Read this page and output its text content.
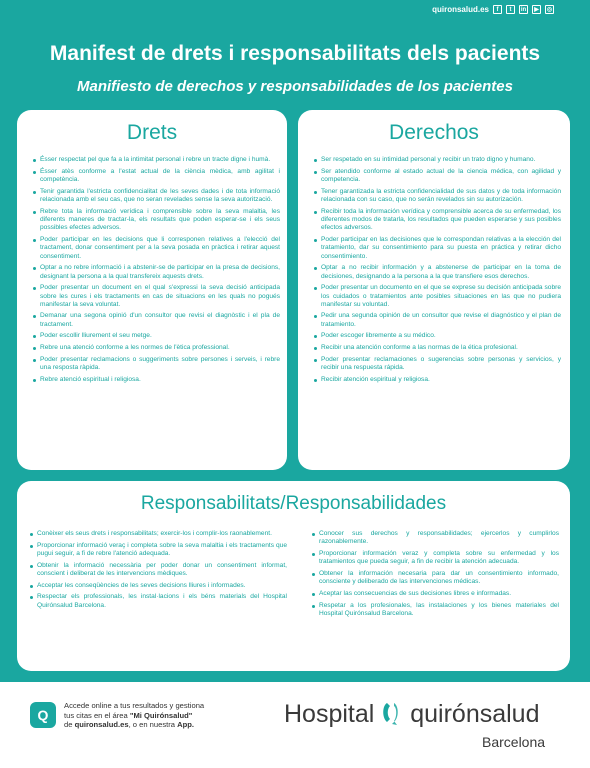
quironsalud.es	f	t	in	▶	◎
Manifest de drets i responsabilitats dels pacients
Manifiesto de derechos y responsabilidades de los pacientes
Drets
Ésser respectat pel que fa a la intimitat personal i rebre un tracte digne i humà.
Ésser atès conforme a l'estat actual de la ciència mèdica, amb agilitat i competència.
Tenir garantida l'estricta confidencialitat de les seves dades i de tota informació relacionada amb el seu cas, que no seran revelades sense la seva autorització.
Rebre tota la informació verídica i comprensible sobre la seva malaltia, les diferents maneres de tractar-la, els resultats que poden esperar-se i els seus possibles efectes adversos.
Poder participar en les decisions que li corresponen relatives a l'elecció del tractament, donar consentiment per a la seva posada en pràctica i retirar aquest consentiment.
Optar a no rebre informació i a abstenir-se de participar en la presa de decisions, designant la persona a la qual transfereix aquests drets.
Poder presentar un document en el qual s'expressi la seva decisió anticipada sobre les cures i els tractaments en cas de situacions en les quals no pogués manifestar la seva voluntat.
Demanar una segona opinió d'un consultor que revisi el diagnòstic i el pla de tractament.
Poder escollir lliurement el seu metge.
Rebre una atenció conforme a les normes de l'ètica professional.
Poder presentar reclamacions o suggeriments sobre persones i serveis, i rebre una resposta ràpida.
Rebre atenció espiritual i religiosa.
Derechos
Ser respetado en su intimidad personal y recibir un trato digno y humano.
Ser atendido conforme al estado actual de la ciencia médica, con agilidad y competencia.
Tener garantizada la estricta confidencialidad de sus datos y de toda información relacionada con su caso, que no serán revelados sin su autorización.
Recibir toda la información verídica y comprensible acerca de su enfermedad, los diferentes modos de tratarla, los resultados que pueden esperarse y sus posibles efectos adversos.
Poder participar en las decisiones que le correspondan relativas a la elección del tratamiento, dar su consentimiento para su puesta en práctica y retirar dicho consentimiento.
Optar a no recibir información y a abstenerse de participar en la toma de decisiones, designando a la persona a la que transfiere esos derechos.
Poder presentar un documento en el que se exprese su decisión anticipada sobre los cuidados o tratamientos ante posibles situaciones en las que no pudiera manifestar su voluntad.
Pedir una segunda opinión de un consultor que revise el diagnóstico y el plan de tratamiento.
Poder escoger libremente a su médico.
Recibir una atención conforme a las normas de la ética profesional.
Poder presentar reclamaciones o sugerencias sobre personas y servicios, y recibir una respuesta rápida.
Recibir atención espiritual y religiosa.
Responsabilitats/Responsabilidades
Conèixer els seus drets i responsabilitats; exercir-los i complir-los raonablement.
Proporcionar informació veraç i completa sobre la seva malaltia i els tractaments que pugui seguir, a fi de rebre l'atenció adequada.
Obtenir la informació necessària per poder donar un consentiment informat, conscient i deliberat de les intervencions mèdiques.
Acceptar les conseqüències de les seves decisions lliures i informades.
Respectar els professionals, les instal·lacions i els béns materials del Hospital Quirónsalud Barcelona.
Conocer sus derechos y responsabilidades; ejercerlos y cumplirlos razonablemente.
Proporcionar información veraz y completa sobre su enfermedad y los tratamientos que pueda seguir, a fin de recibir la atención adecuada.
Obtener la información necesaria para dar un consentimiento informado, consciente y deliberado de las intervenciones médicas.
Aceptar las consecuencias de sus decisiones libres e informadas.
Respetar a los profesionales, las instalaciones y los bienes materiales del Hospital Quirónsalud Barcelona.
Q
Accede online a tus resultados y gestiona
tus citas en el área "Mi Quirónsalud"
de quironsalud.es, o en nuestra App.	Hospital quirónsalud
Barcelona
